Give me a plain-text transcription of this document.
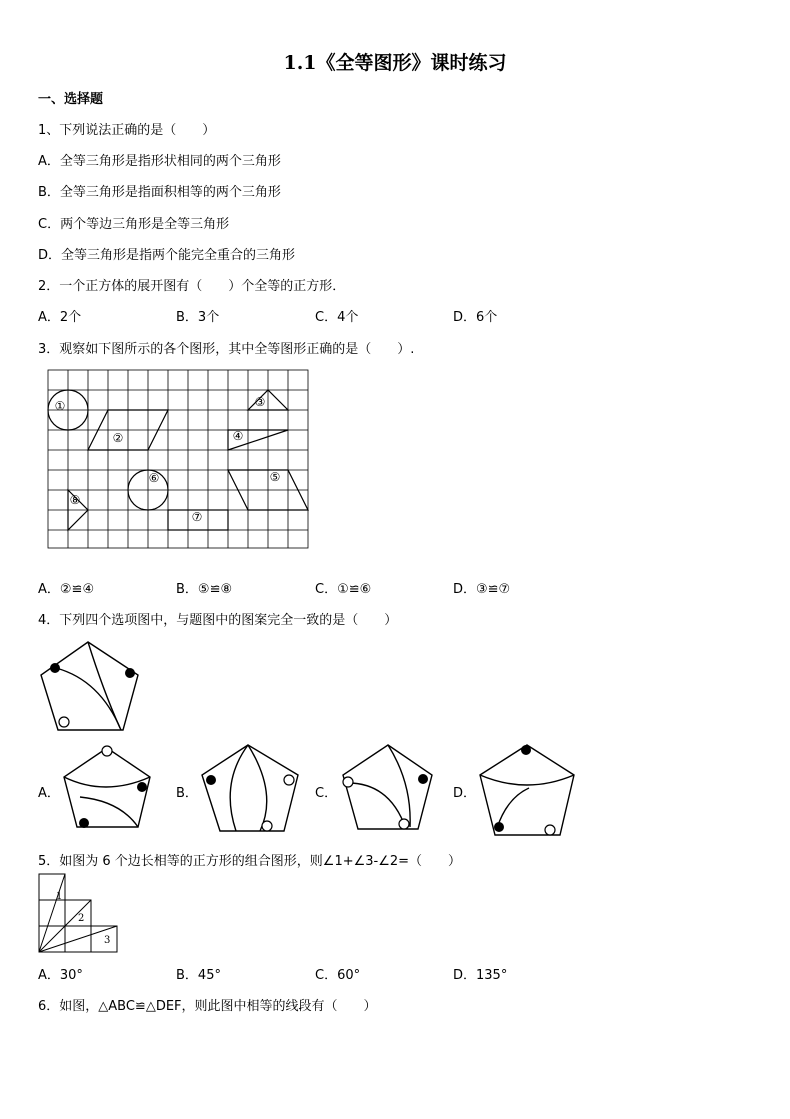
1.1《全等图形》课时练习
一、选择题
1、下列说法正确的是（　　）
A．全等三角形是指形状相同的两个三角形
B．全等三角形是指面积相等的两个三角形
C．两个等边三角形是全等三角形
D．全等三角形是指两个能完全重合的三角形
2．一个正方体的展开图有（　　）个全等的正方形．
A．2个	B．3个	C．4个	D．6个
3．观察如下图所示的各个图形，其中全等图形正确的是（　　）.
①
②
③
④
⑤
⑥
⑦
⑧
A．②≌④	B．⑤≌⑧	C．①≌⑥	D．③≌⑦
4．下列四个选项图中，与题图中的图案完全一致的是（　　）
A．	B．	C．	D．
5．如图为 6 个边长相等的正方形的组合图形，则∠1+∠3-∠2=（　　）
1
2
3
A．30°	B．45°	C．60°	D．135°
6．如图，△ABC≌△DEF，则此图中相等的线段有（　　）
